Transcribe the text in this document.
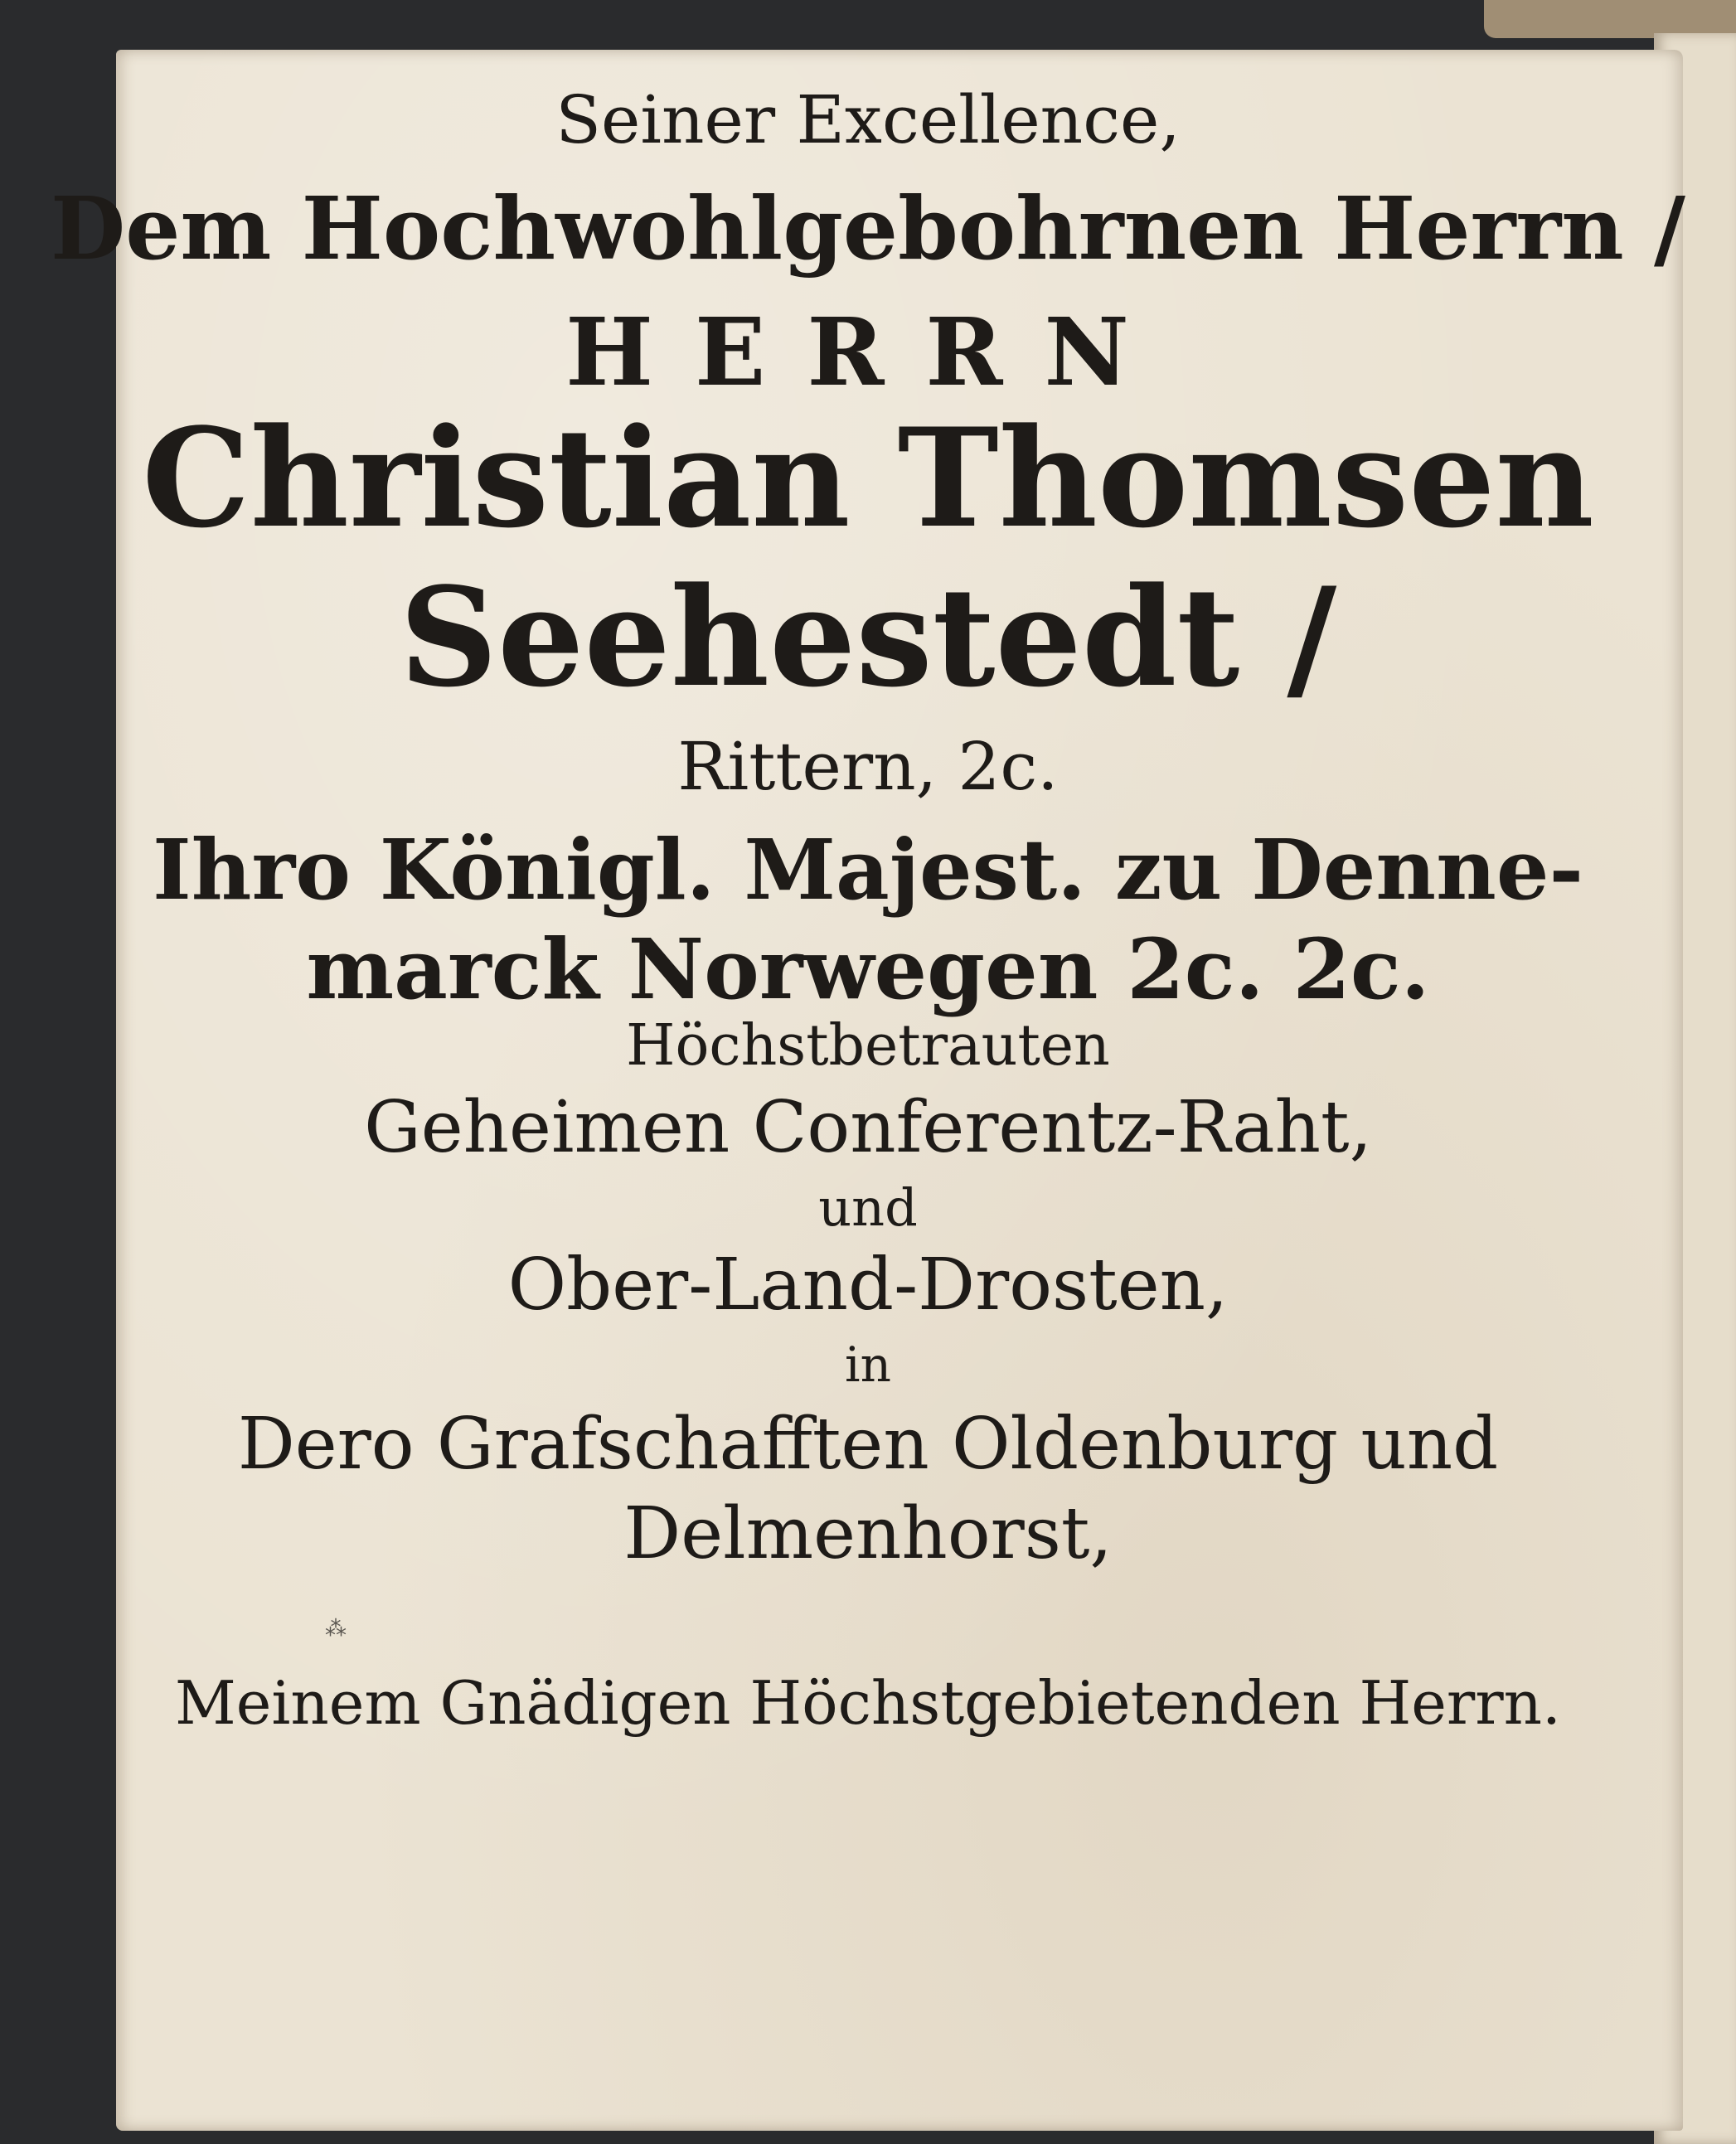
Seiner Excellence,
Dem Hochwohlgebohrnen Herrn /
HERRN
Christian Thomsen
Seehestedt /
Rittern, 2c.
Ihro Königl. Majest. zu Denne-
marck Norwegen 2c. 2c.
Höchstbetrauten
Geheimen Conferentz-Raht,
und
Ober-Land-Drosten,
in
Dero Grafschafften Oldenburg und
Delmenhorst,
Meinem Gnädigen Höchstgebietenden Herrn.
⁂
